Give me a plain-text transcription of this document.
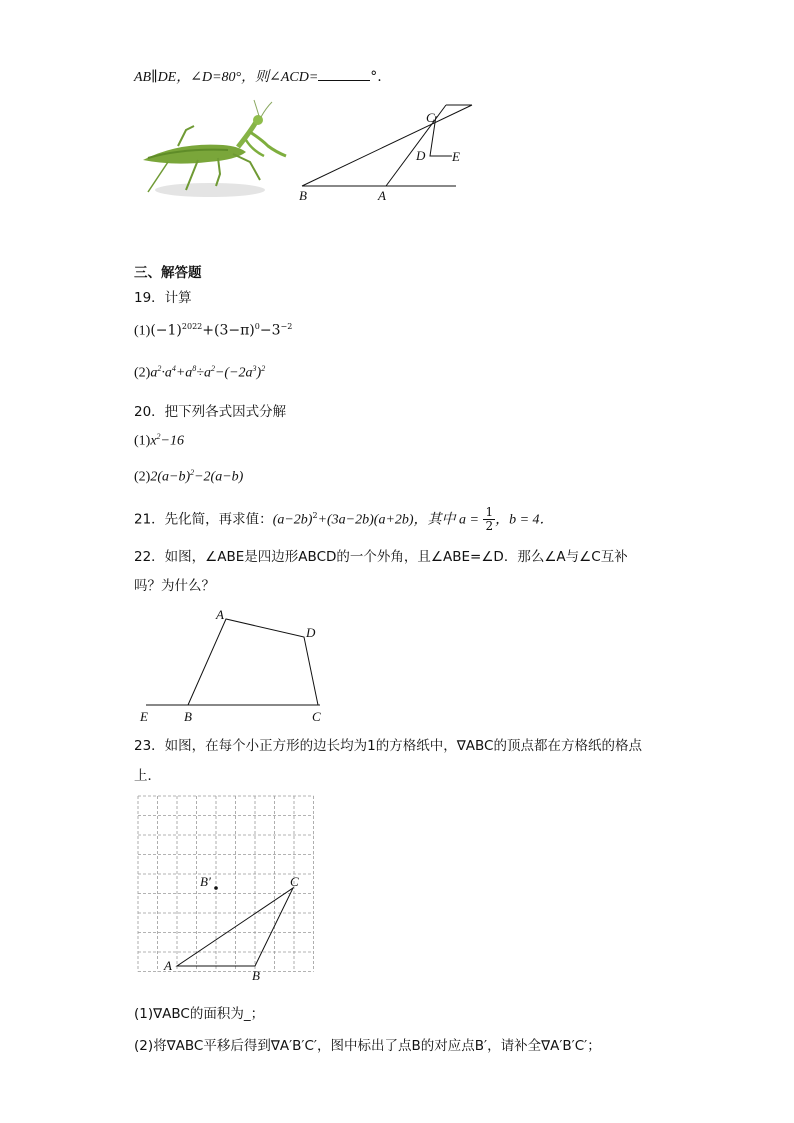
AB∥DE，∠D=80°，则∠ACD=	°.
C
D E
B	A
三、解答题
19．计算
$(1)(-1)^{2022}+(3-\pi)^0-3^{-2}$
$(2)a^2\cdot a^4+a^8\div a^2-(-2a^3)^2$
20．把下列各式因式分解
$(1)x^2-16$
$(2)2(a-b)^2-2(a-b)$
21．先化简，再求值：$(a-2b)^2+(3a-2b)(a+2b)$，其中 $a = \frac{1}{2}$ ，b = 4．
22．如图，∠ABE是四边形ABCD的一个外角，且∠ABE=∠D．那么∠A与∠C互补
吗？为什么？
A
D
E	B	C
23．如图，在每个小正方形的边长均为1的方格纸中，∇ABC的顶点都在方格纸的格点
上．
B′	C
A
B
(1)∇ABC的面积为_；
(2)将∇ABC平移后得到∇A′B′C′，图中标出了点B的对应点B′，请补全∇A′B′C′；
